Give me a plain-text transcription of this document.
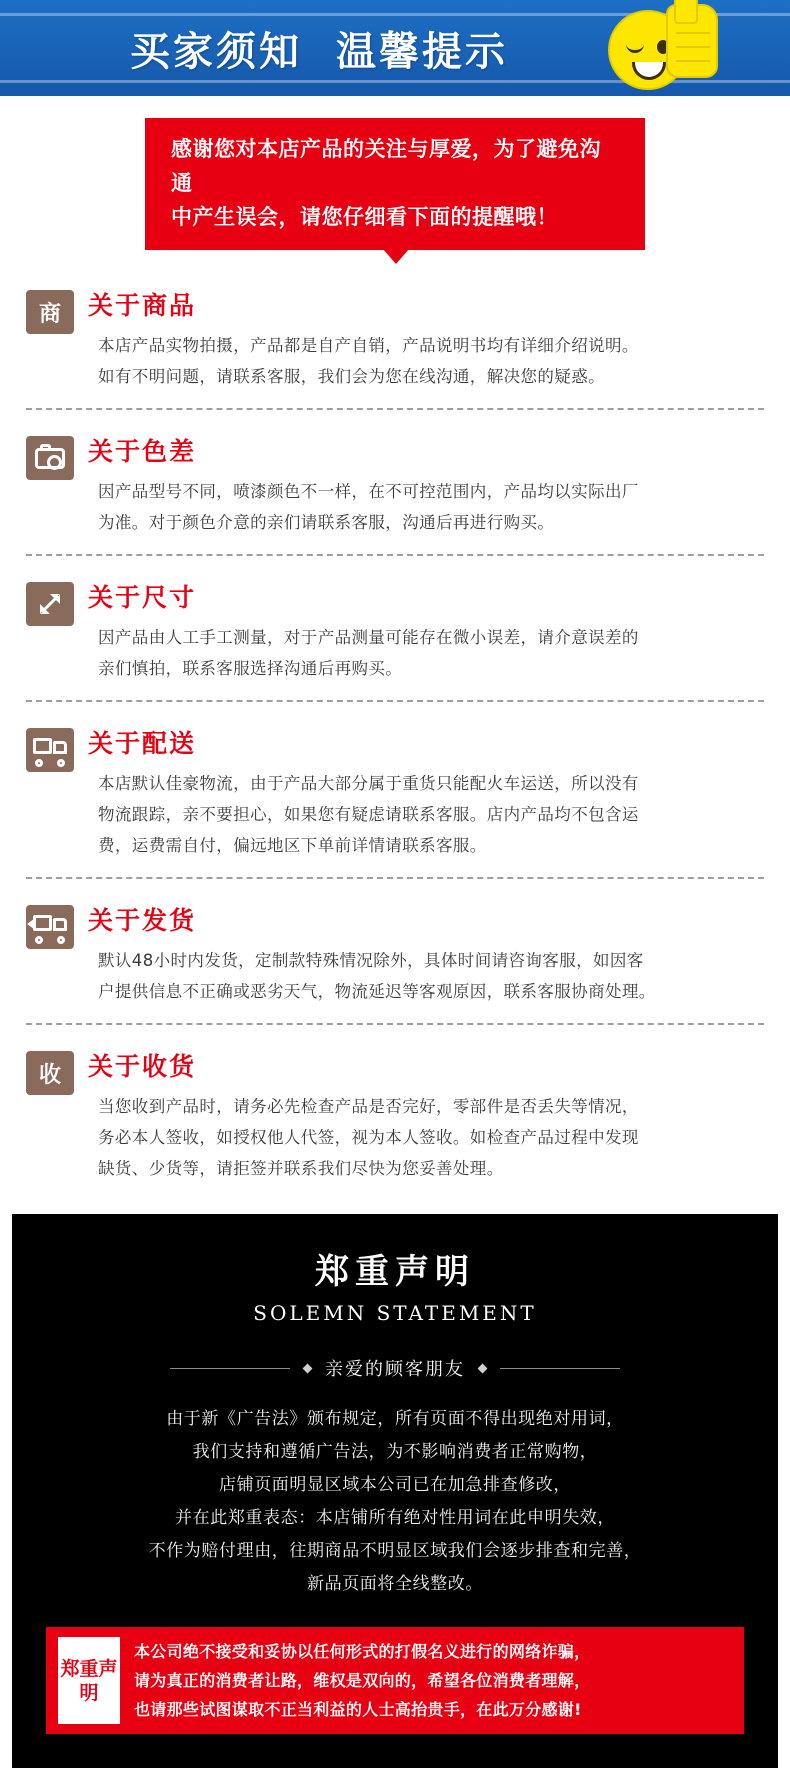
买家须知 温馨提示
感谢您对本店产品的关注与厚爱，为了避免沟通
中产生误会，请您仔细看下面的提醒哦！
商 关于商品
本店产品实物拍摄，产品都是自产自销，产品说明书均有详细介绍说明。
如有不明问题，请联系客服，我们会为您在线沟通，解决您的疑惑。
关于色差
因产品型号不同，喷漆颜色不一样，在不可控范围内，产品均以实际出厂
为准。对于颜色介意的亲们请联系客服，沟通后再进行购买。
关于尺寸
因产品由人工手工测量，对于产品测量可能存在微小误差，请介意误差的
亲们慎拍，联系客服选择沟通后再购买。
关于配送
本店默认佳豪物流，由于产品大部分属于重货只能配火车运送，所以没有
物流跟踪，亲不要担心，如果您有疑虑请联系客服。店内产品均不包含运
费，运费需自付，偏远地区下单前详情请联系客服。
关于发货
默认48小时内发货，定制款特殊情况除外，具体时间请咨询客服，如因客
户提供信息不正确或恶劣天气，物流延迟等客观原因，联系客服协商处理。
收 关于收货
当您收到产品时，请务必先检查产品是否完好，零部件是否丢失等情况，
务必本人签收，如授权他人代签，视为本人签收。如检查产品过程中发现
缺货、少货等，请拒签并联系我们尽快为您妥善处理。
郑重声明
SOLEMN STATEMENT
亲爱的顾客朋友

由于新《广告法》颁布规定，所有页面不得出现绝对用词，

我们支持和遵循广告法，为不影响消费者正常购物，

店铺页面明显区域本公司已在加急排查修改，

并在此郑重表态：本店铺所有绝对性用词在此申明失效，

不作为赔付理由，往期商品不明显区域我们会逐步排查和完善，

新品页面将全线整改。

郑重声明

本公司绝不接受和妥协以任何形式的打假名义进行的网络诈骗，

请为真正的消费者让路，维权是双向的，希望各位消费者理解，

也请那些试图谋取不正当利益的人士高抬贵手，在此万分感谢!
